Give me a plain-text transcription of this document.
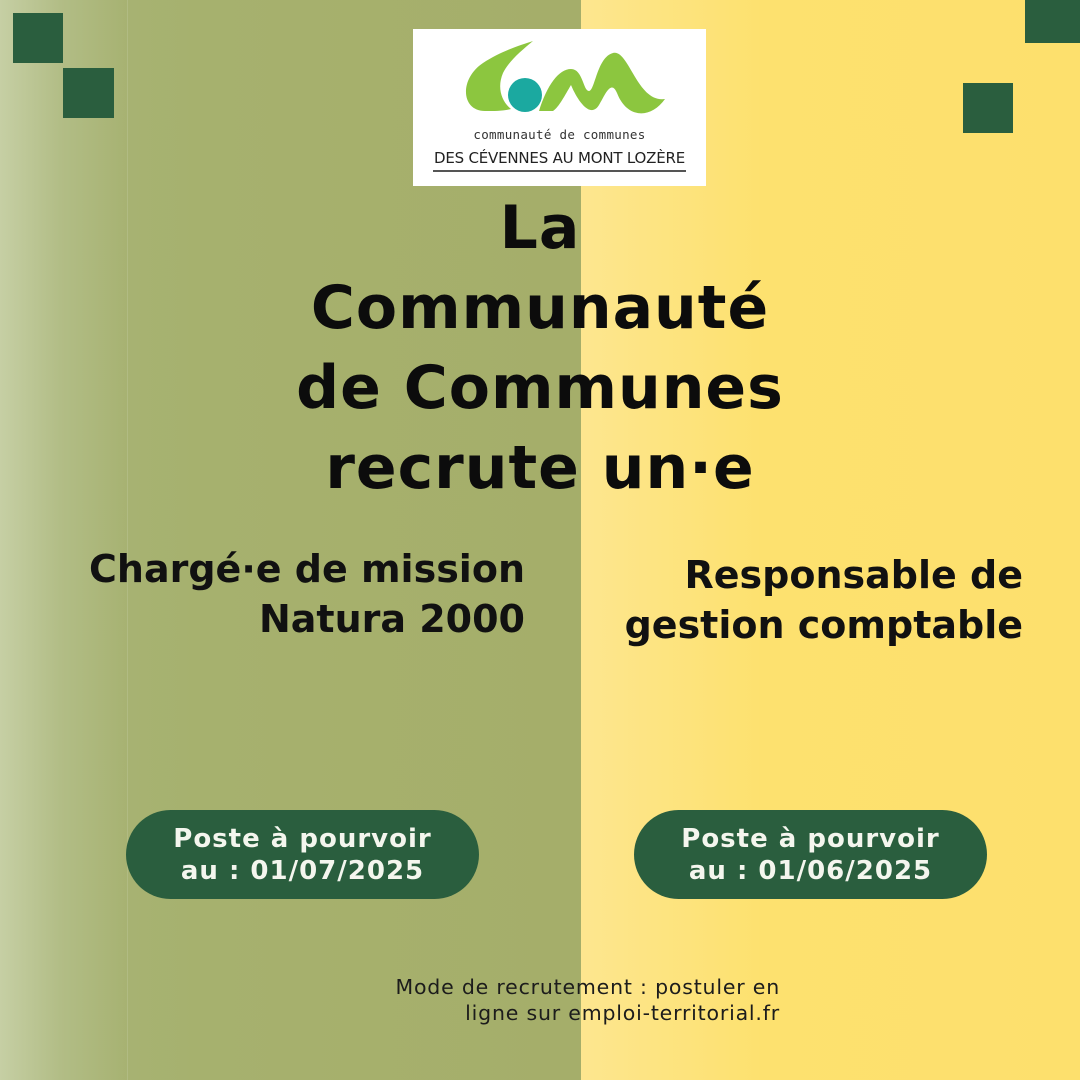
communauté de communes
DES CÉVENNES AU MONT LOZÈRE
La
Communauté
de Communes
recrute un·e
Chargé·e de mission
Natura 2000
Responsable de
gestion comptable
Poste à pourvoir
au : 01/07/2025
Poste à pourvoir
au : 01/06/2025
Mode de recrutement : postuler en
ligne sur emploi-territorial.fr
